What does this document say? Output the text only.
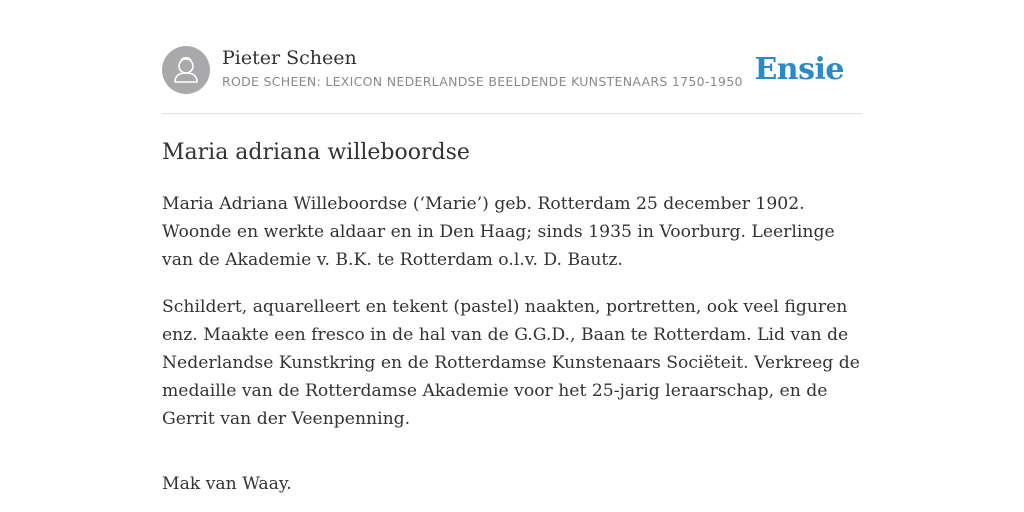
Pieter Scheen
RODE SCHEEN: LEXICON NEDERLANDSE BEELDENDE KUNSTENAARS 1750-1950 Ensie
Maria adriana willeboordse

Maria Adriana Willeboordse (‘Marie’) geb. Rotterdam 25 december 1902. Woonde en werkte aldaar en in Den Haag; sinds 1935 in Voorburg. Leerlinge van de Akademie v. B.K. te Rotterdam o.l.v. D. Bautz.

Schildert, aquarelleert en tekent (pastel) naakten, portretten, ook veel figuren enz. Maakte een fresco in de hal van de G.G.D., Baan te Rotterdam. Lid van de Nederlandse Kunstkring en de Rotterdamse Kunstenaars Sociëteit. Verkreeg de medaille van de Rotterdamse Akademie voor het 25-jarig leraarschap, en de Gerrit van der Veenpenning.

Mak van Waay.
